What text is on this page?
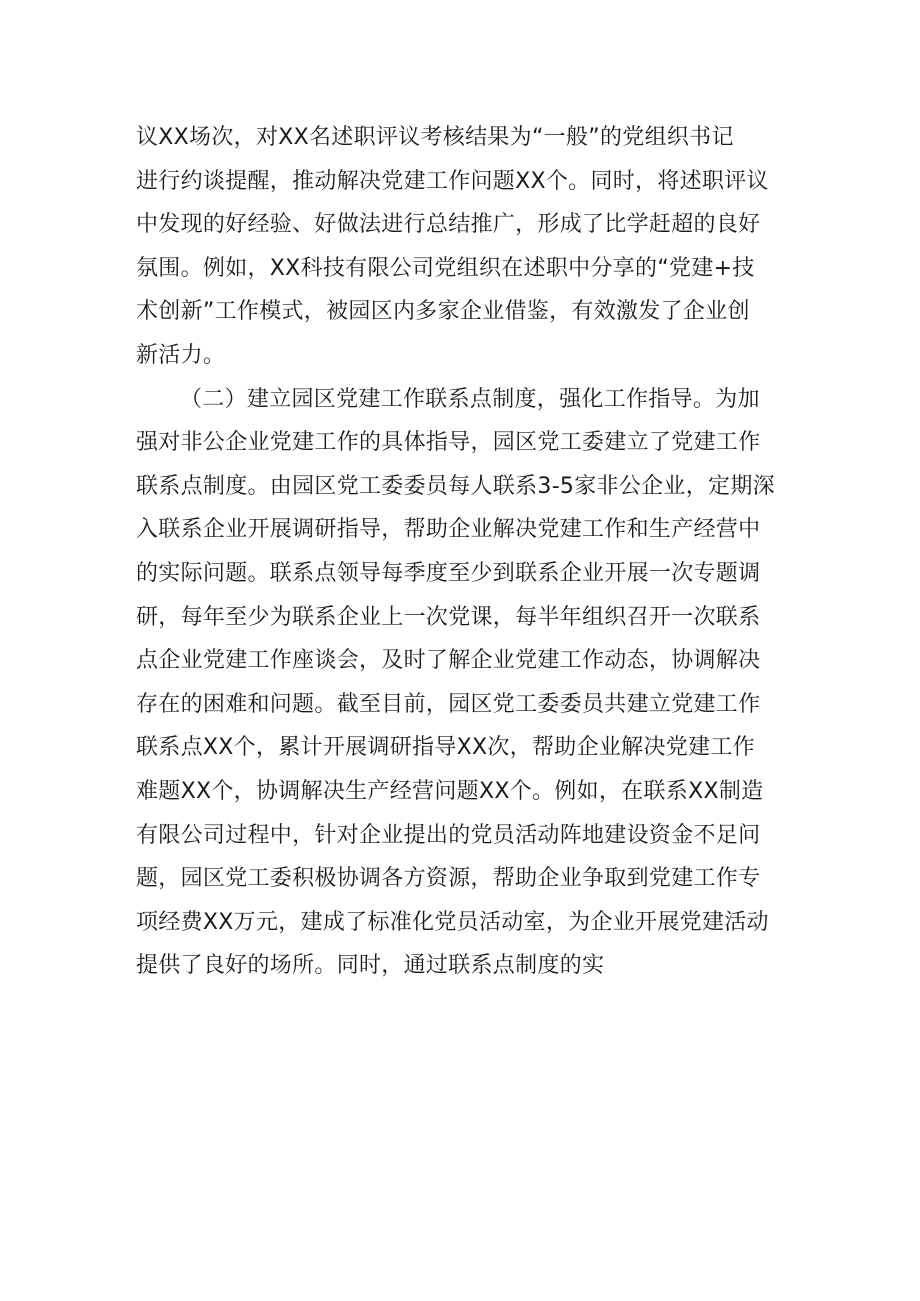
议XX场次，对XX名述职评议考核结果为“一般”的党组织书记
进行约谈提醒，推动解决党建工作问题XX个。同时，将述职评议
中发现的好经验、好做法进行总结推广，形成了比学赶超的良好
氛围。例如，XX科技有限公司党组织在述职中分享的“党建+技
术创新”工作模式，被园区内多家企业借鉴，有效激发了企业创
新活力。
（二）建立园区党建工作联系点制度，强化工作指导。为加
强对非公企业党建工作的具体指导，园区党工委建立了党建工作
联系点制度。由园区党工委委员每人联系3-5家非公企业，定期深
入联系企业开展调研指导，帮助企业解决党建工作和生产经营中
的实际问题。联系点领导每季度至少到联系企业开展一次专题调
研，每年至少为联系企业上一次党课，每半年组织召开一次联系
点企业党建工作座谈会，及时了解企业党建工作动态，协调解决
存在的困难和问题。截至目前，园区党工委委员共建立党建工作
联系点XX个，累计开展调研指导XX次，帮助企业解决党建工作
难题XX个，协调解决生产经营问题XX个。例如，在联系XX制造
有限公司过程中，针对企业提出的党员活动阵地建设资金不足问
题，园区党工委积极协调各方资源，帮助企业争取到党建工作专
项经费XX万元，建成了标准化党员活动室，为企业开展党建活动
提供了良好的场所。同时，通过联系点制度的实
